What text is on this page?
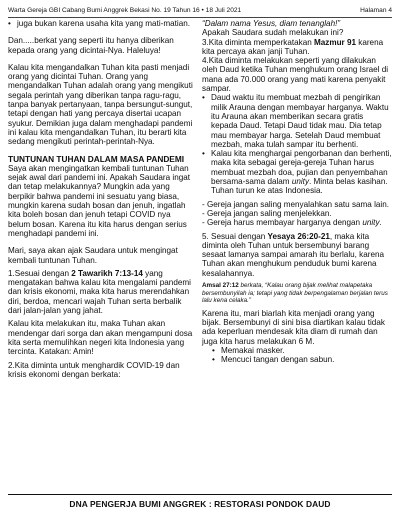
Warta Gereja GBI Cabang Bumi Anggrek Bekasi No. 19 Tahun 16 • 18 Juli 2021	Halaman 4
• juga bukan karena usaha kita yang mati-matian.

Dan.....berkat yang seperti itu hanya diberikan kepada orang yang dicintai-Nya. Haleluya!

Kalau kita mengandalkan Tuhan kita pasti menjadi orang yang dicintai Tuhan. Orang yang mengandalkan Tuhan adalah orang yang mengikuti segala perintah yang diberikan tanpa ragu-ragu, tanpa banyak pertanyaan, tanpa bersungut-sungut, tetapi dengan hati yang percaya disertai ucapan syukur. Demikian juga dalam menghadapi pandemi ini kalau kita mengandalkan Tuhan, itu berarti kita sedang mengikuti perintah-perintah-Nya.

TUNTUNAN TUHAN DALAM MASA PANDEMI

Saya akan mengingatkan kembali tuntunan Tuhan sejak awal dari pandemi ini. Apakah Saudara ingat dan tetap melakukannya? Mungkin ada yang berpikir bahwa pandemi ini sesuatu yang biasa, mungkin karena sudah bosan dan jenuh, ingatlah kita boleh bosan dan jenuh tetapi COVID nya belum bosan. Karena itu kita harus dengan serius menghadapi pandemi ini.

Mari, saya akan ajak Saudara untuk mengingat kembali tuntunan Tuhan.

1.Sesuai dengan 2 Tawarikh 7:13-14 yang mengatakan bahwa kalau kita mengalami pandemi dan krisis ekonomi, maka kita harus merendahkan diri, berdoa, mencari wajah Tuhan serta berbalik dari jalan-jalan yang jahat.

Kalau kita melakukan itu, maka Tuhan akan mendengar dari sorga dan akan mengampuni dosa kita serta memulihkan negeri kita Indonesia yang tercinta. Katakan: Amin!

2.Kita diminta untuk menghardik COVID-19 dan krisis ekonomi dengan berkata:

“Dalam nama Yesus, diam tenanglah!”

Apakah Saudara sudah melakukan ini?

3.Kita diminta memperkatakan Mazmur 91 karena kita percaya akan janji Tuhan.

4.Kita diminta melakukan seperti yang dilakukan oleh Daud ketika Tuhan menghukum orang Israel di mana ada 70.000 orang yang mati karena penyakit sampar.

• Daud waktu itu membuat mezbah di pengirikan milik Arauna dengan membayar harganya. Waktu itu Arauna akan memberikan secara gratis kepada Daud. Tetapi Daud tidak mau. Dia tetap mau membayar harga. Setelah Daud membuat mezbah, maka tulah sampar itu berhenti.
• Kalau kita menghargai pengorbanan dan berhenti, maka kita sebagai gereja-gereja Tuhan harus membuat mezbah doa, pujian dan penyembahan bersama-sama dalam unity. Minta belas kasihan. Tuhan turun ke atas Indonesia.

- Gereja jangan saling menyalahkan satu sama lain.

- Gereja jangan saling menjelekkan.

- Gereja harus membayar harganya dengan unity.

5. Sesuai dengan Yesaya 26:20-21, maka kita diminta oleh Tuhan untuk bersembunyi barang sesaat lamanya sampai amarah itu berlalu, karena Tuhan akan menghukum penduduk bumi karena kesalahannya.

Amsal 27:12 berkata, “Kalau orang bijak melihat malapetaka bersembunyilah ia; tetapi yang tidak berpengalaman berjalan terus lalu kena celaka.”

Karena itu, mari biarlah kita menjadi orang yang bijak. Bersembunyi di sini bisa diartikan kalau tidak ada keperluan mendesak kita diam di rumah dan juga kita harus melakukan 6 M.

• Memakai masker.
• Mencuci tangan dengan sabun.
DNA PENGERJA BUMI ANGGREK : RESTORASI PONDOK DAUD
